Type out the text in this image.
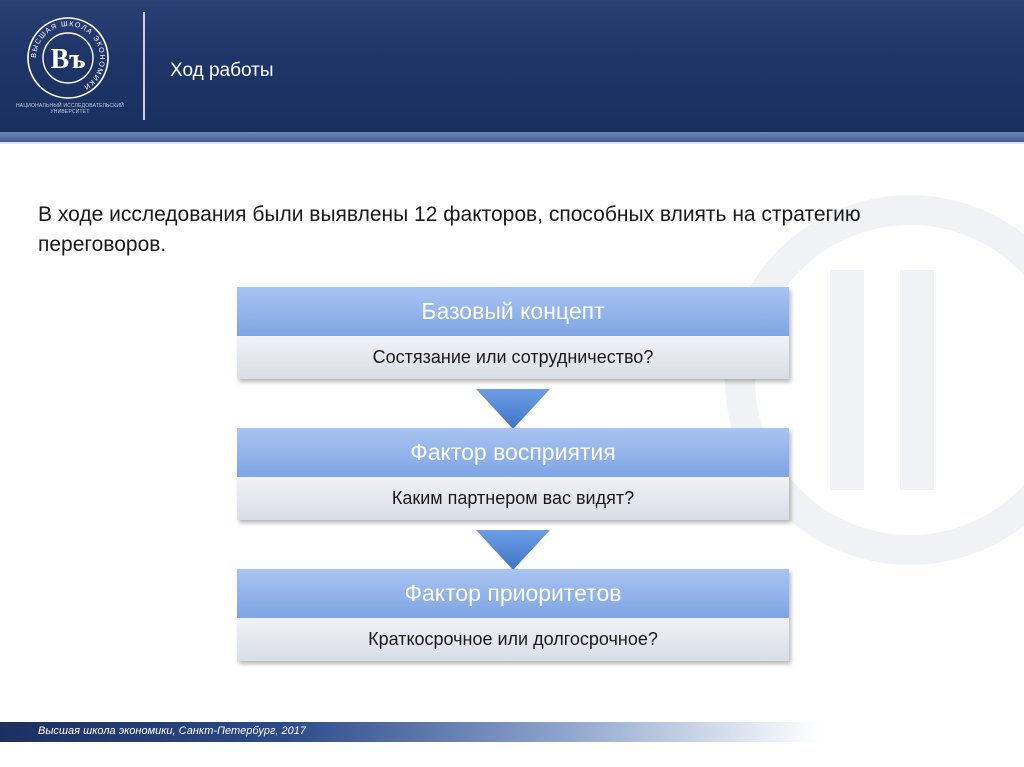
ВЫСШАЯ ШКОЛА ЭКОНОМИКИ
Въ
НАЦИОНАЛЬНЫЙ ИССЛЕДОВАТЕЛЬСКИЙ УНИВЕРСИТЕТ
Ход работы
В ходе исследования были выявлены 12 факторов, способных влиять на стратегию переговоров.
Базовый концепт
Состязание или сотрудничество?
Фактор восприятия
Каким партнером вас видят?
Фактор приоритетов
Краткосрочное или долгосрочное?
Высшая школа экономики, Санкт-Петербург, 2017
